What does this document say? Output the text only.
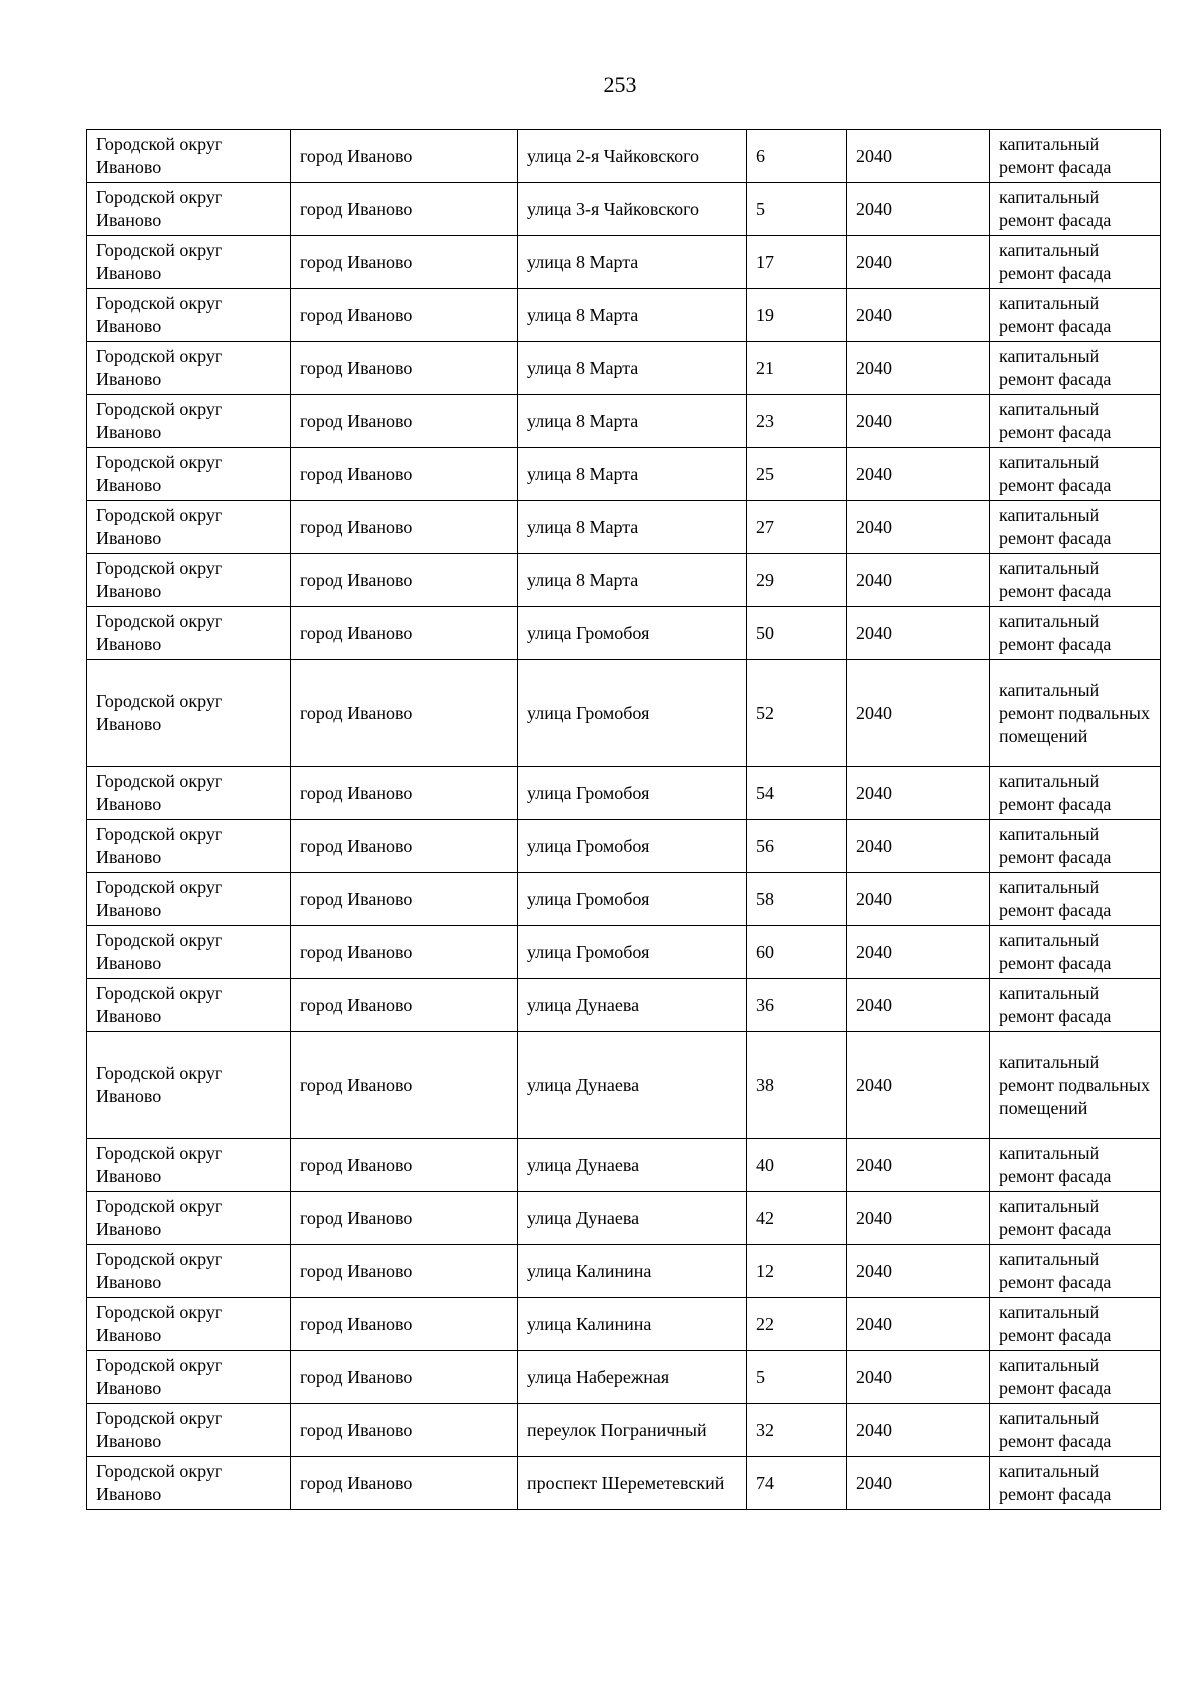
253
Городской округ Иваново	город Иваново	улица 2-я Чайковского	6	2040	капитальный ремонт фасада
Городской округ Иваново	город Иваново	улица 3-я Чайковского	5	2040	капитальный ремонт фасада
Городской округ Иваново	город Иваново	улица 8 Марта	17	2040	капитальный ремонт фасада
Городской округ Иваново	город Иваново	улица 8 Марта	19	2040	капитальный ремонт фасада
Городской округ Иваново	город Иваново	улица 8 Марта	21	2040	капитальный ремонт фасада
Городской округ Иваново	город Иваново	улица 8 Марта	23	2040	капитальный ремонт фасада
Городской округ Иваново	город Иваново	улица 8 Марта	25	2040	капитальный ремонт фасада
Городской округ Иваново	город Иваново	улица 8 Марта	27	2040	капитальный ремонт фасада
Городской округ Иваново	город Иваново	улица 8 Марта	29	2040	капитальный ремонт фасада
Городской округ Иваново	город Иваново	улица Громобоя	50	2040	капитальный ремонт фасада
Городской округ Иваново	город Иваново	улица Громобоя	52	2040	капитальный ремонт подвальных помещений
Городской округ Иваново	город Иваново	улица Громобоя	54	2040	капитальный ремонт фасада
Городской округ Иваново	город Иваново	улица Громобоя	56	2040	капитальный ремонт фасада
Городской округ Иваново	город Иваново	улица Громобоя	58	2040	капитальный ремонт фасада
Городской округ Иваново	город Иваново	улица Громобоя	60	2040	капитальный ремонт фасада
Городской округ Иваново	город Иваново	улица Дунаева	36	2040	капитальный ремонт фасада
Городской округ Иваново	город Иваново	улица Дунаева	38	2040	капитальный ремонт подвальных помещений
Городской округ Иваново	город Иваново	улица Дунаева	40	2040	капитальный ремонт фасада
Городской округ Иваново	город Иваново	улица Дунаева	42	2040	капитальный ремонт фасада
Городской округ Иваново	город Иваново	улица Калинина	12	2040	капитальный ремонт фасада
Городской округ Иваново	город Иваново	улица Калинина	22	2040	капитальный ремонт фасада
Городской округ Иваново	город Иваново	улица Набережная	5	2040	капитальный ремонт фасада
Городской округ Иваново	город Иваново	переулок Пограничный	32	2040	капитальный ремонт фасада
Городской округ Иваново	город Иваново	проспект Шереметевский	74	2040	капитальный ремонт фасада
